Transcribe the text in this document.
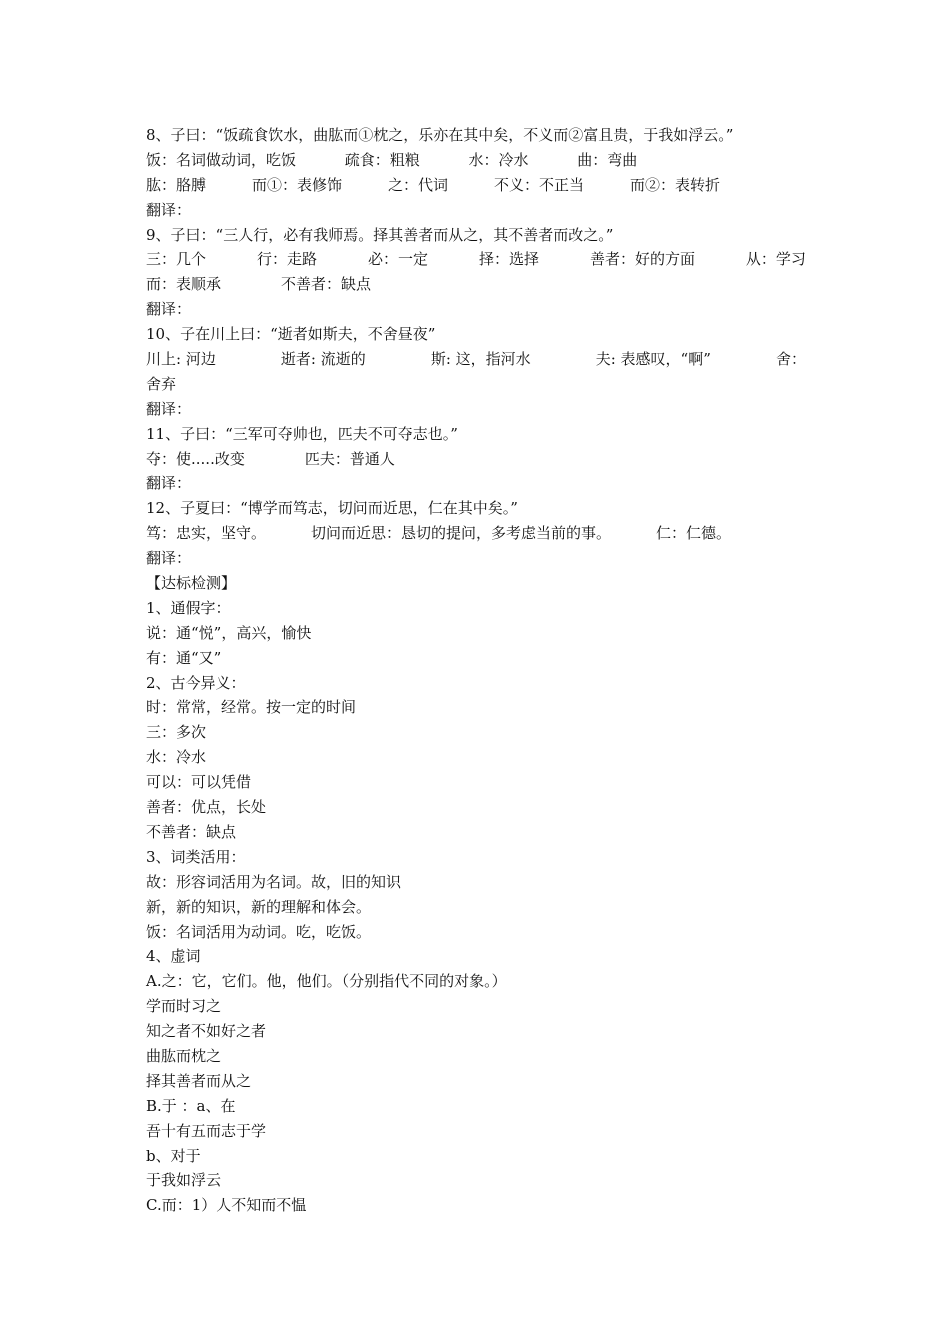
8、子曰：“饭疏食饮水，曲肱而①枕之，乐亦在其中矣，不义而②富且贵，于我如浮云。”
饭：名词做动词，吃饭	疏食：粗粮	水：冷水	曲：弯曲
肱：胳膊	而①：表修饰	之：代词	不义：不正当	而②：表转折
翻译：
9、子曰：“三人行，必有我师焉。择其善者而从之，其不善者而改之。”
三：几个	行：走路	必：一定	择：选择	善者：好的方面	从：学习
而：表顺承	不善者：缺点
翻译：
10、子在川上曰：“逝者如斯夫，不舍昼夜”
川上: 河边	逝者: 流逝的	斯: 这，指河水	夫: 表感叹，“啊”	舍：
舍弃
翻译：
11、子曰：“三军可夺帅也，匹夫不可夺志也。”
夺：使.....改变	匹夫：普通人
翻译：
12、子夏曰：“博学而笃志，切问而近思，仁在其中矣。”
笃：忠实，坚守。	切问而近思：恳切的提问，多考虑当前的事。	仁：仁德。
翻译：
【达标检测】
1、通假字：
说：通“悦”，高兴，愉快
有：通“又”
2、古今异义：
时：常常，经常。按一定的时间
三：多次
水：冷水
可以：可以凭借
善者：优点，长处
不善者：缺点
3、词类活用：
故：形容词活用为名词。故，旧的知识
新，新的知识，新的理解和体会。
饭：名词活用为动词。吃，吃饭。
4、虚词
A.之：它，它们。他，他们。（分别指代不同的对象。）
学而时习之
知之者不如好之者
曲肱而枕之
择其善者而从之
B.于 ：a、在
吾十有五而志于学
b、对于
于我如浮云
C.而：1）人不知而不愠
